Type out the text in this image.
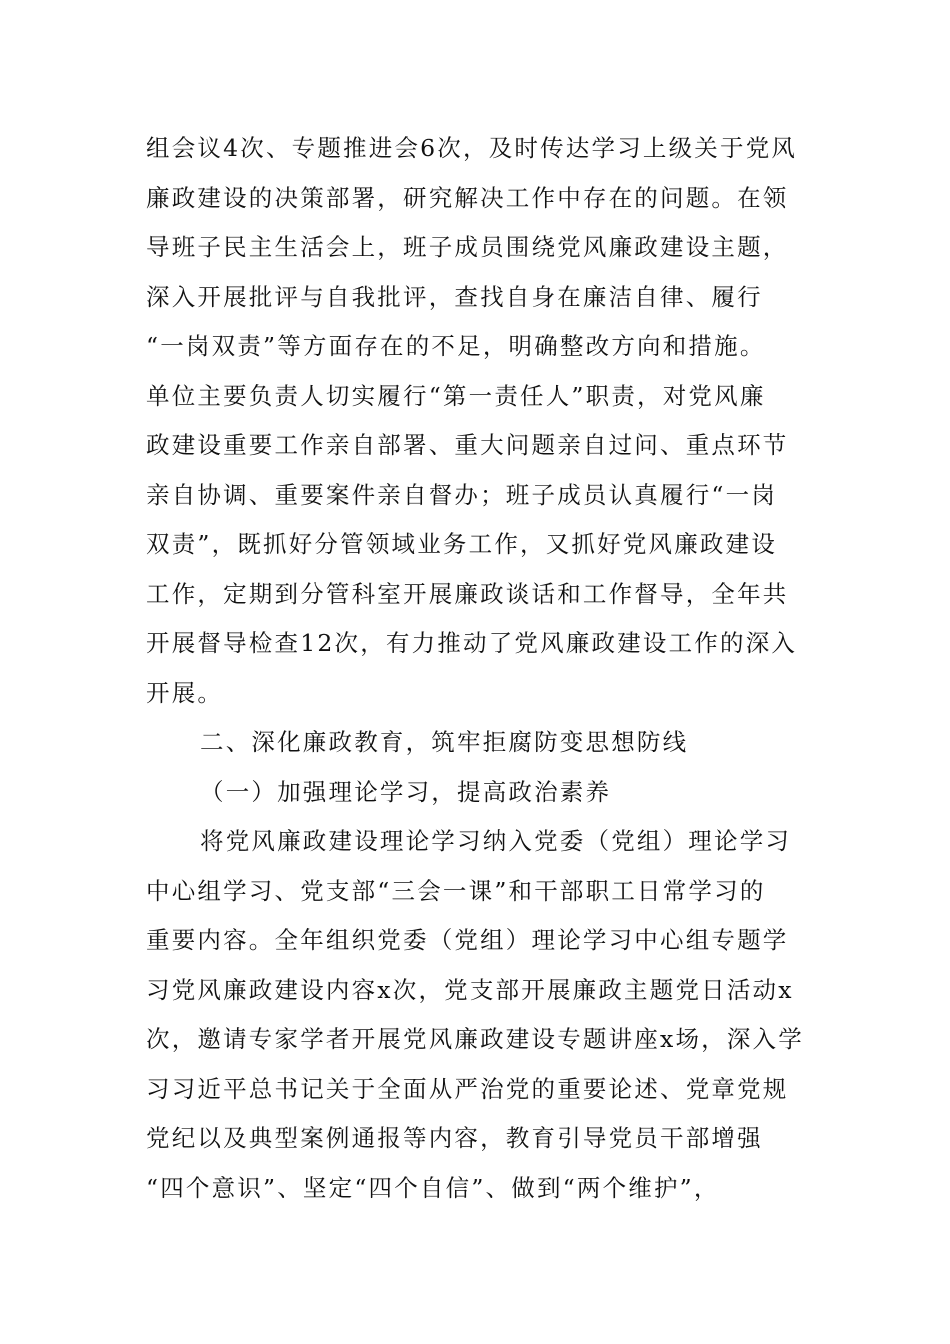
组会议4次、专题推进会6次，及时传达学习上级关于党风
廉政建设的决策部署，研究解决工作中存在的问题。在领
导班子民主生活会上，班子成员围绕党风廉政建设主题，
深入开展批评与自我批评，查找自身在廉洁自律、履行
“一岗双责”等方面存在的不足，明确整改方向和措施。
单位主要负责人切实履行“第一责任人”职责，对党风廉
政建设重要工作亲自部署、重大问题亲自过问、重点环节
亲自协调、重要案件亲自督办；班子成员认真履行“一岗
双责”，既抓好分管领域业务工作，又抓好党风廉政建设
工作，定期到分管科室开展廉政谈话和工作督导，全年共
开展督导检查12次，有力推动了党风廉政建设工作的深入
开展。
二、深化廉政教育，筑牢拒腐防变思想防线
（一）加强理论学习，提高政治素养
将党风廉政建设理论学习纳入党委（党组）理论学习
中心组学习、党支部“三会一课”和干部职工日常学习的
重要内容。全年组织党委（党组）理论学习中心组专题学
习党风廉政建设内容x次，党支部开展廉政主题党日活动x
次，邀请专家学者开展党风廉政建设专题讲座x场，深入学
习习近平总书记关于全面从严治党的重要论述、党章党规
党纪以及典型案例通报等内容，教育引导党员干部增强
“四个意识”、坚定“四个自信”、做到“两个维护”，
